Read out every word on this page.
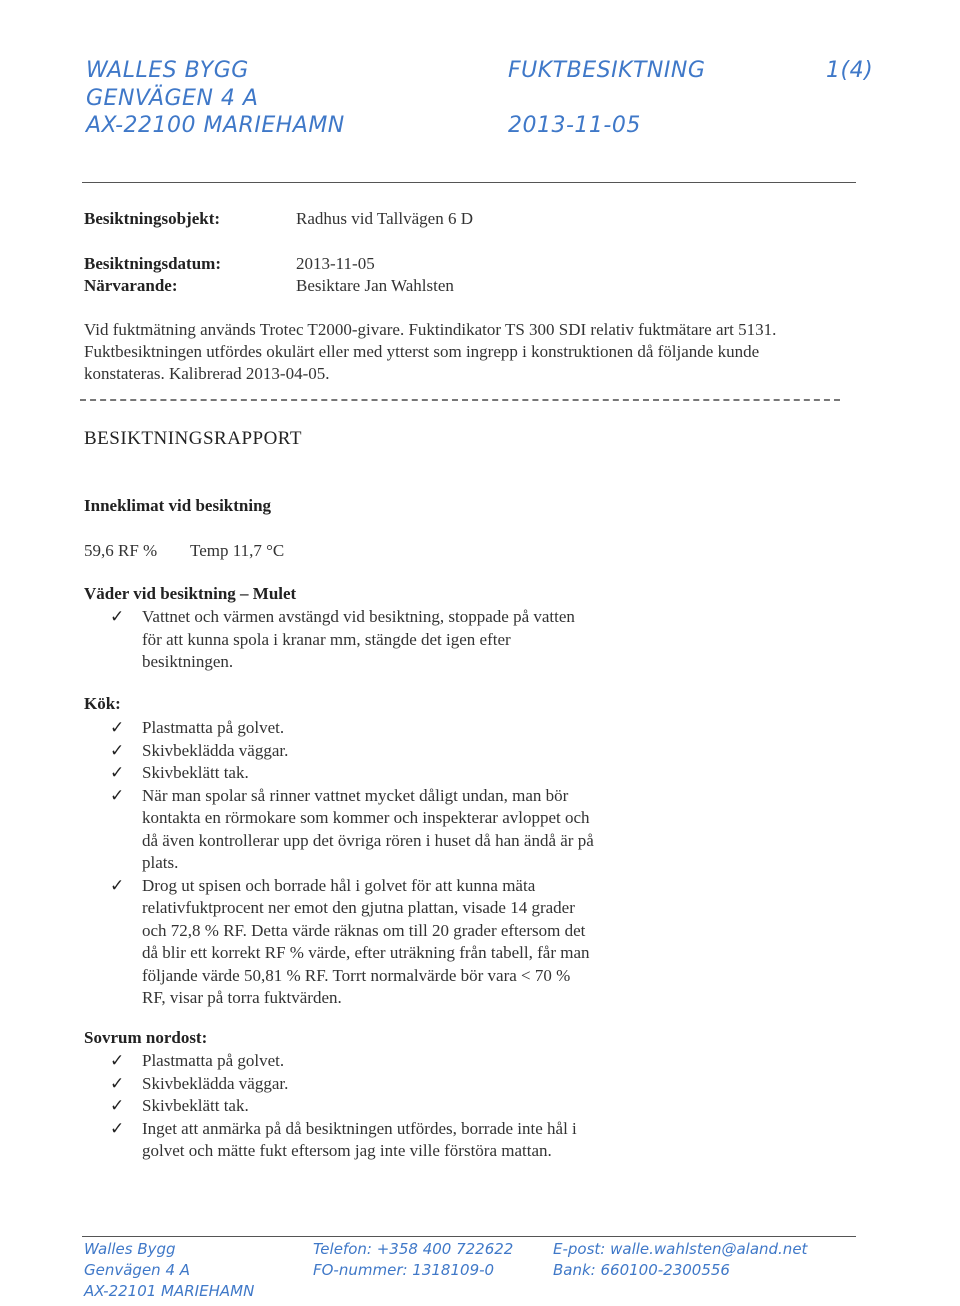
WALLES BYGG
GENVÄGEN 4 A
AX-22100 MARIEHAMN
FUKTBESIKTNING
2013-11-05
1(4)
Besiktningsobjekt:	Radhus vid Tallvägen 6 D
Besiktningsdatum:	2013-11-05
Närvarande:	Besiktare Jan Wahlsten
Vid fuktmätning används Trotec T2000-givare. Fuktindikator TS 300 SDI relativ fuktmätare art 5131.
Fuktbesiktningen utfördes okulärt eller med ytterst som ingrepp i konstruktionen då följande kunde
konstateras. Kalibrerad 2013-04-05.
BESIKTNINGSRAPPORT
Inneklimat vid besiktning
59,6 RF % Temp 11,7 °C
Väder vid besiktning – Mulet
✓ Vattnet och värmen avstängd vid besiktning, stoppade på vatten
för att kunna spola i kranar mm, stängde det igen efter
besiktningen.
Kök:
✓ Plastmatta på golvet.
✓ Skivbeklädda väggar.
✓ Skivbeklätt tak.
✓ När man spolar så rinner vattnet mycket dåligt undan, man bör
kontakta en rörmokare som kommer och inspekterar avloppet och
då även kontrollerar upp det övriga rören i huset då han ändå är på
plats.
✓ Drog ut spisen och borrade hål i golvet för att kunna mäta
relativfuktprocent ner emot den gjutna plattan, visade 14 grader
och 72,8 % RF. Detta värde räknas om till 20 grader eftersom det
då blir ett korrekt RF % värde, efter uträkning från tabell, får man
följande värde 50,81 % RF. Torrt normalvärde bör vara < 70 %
RF, visar på torra fuktvärden.
Sovrum nordost:
✓ Plastmatta på golvet.
✓ Skivbeklädda väggar.
✓ Skivbeklätt tak.
✓ Inget att anmärka på då besiktningen utfördes, borrade inte hål i
golvet och mätte fukt eftersom jag inte ville förstöra mattan.
Walles Bygg
Genvägen 4 A
AX-22101 MARIEHAMN
Telefon: +358 400 722622
FO-nummer: 1318109-0
E-post: walle.wahlsten@aland.net
Bank: 660100-2300556
